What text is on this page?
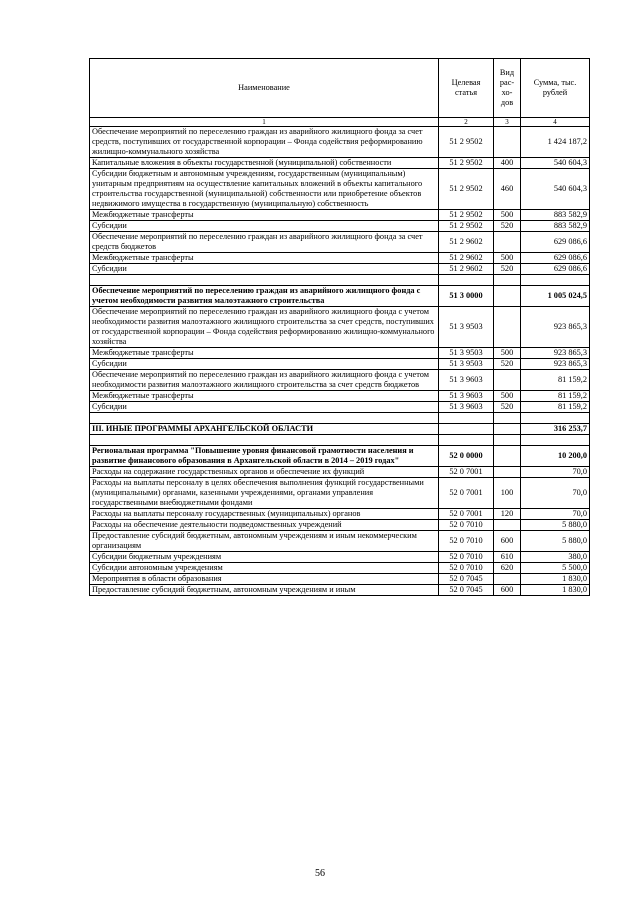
Наименование	Целевая статья	Вид рас-хо-дов	Сумма, тыс. рублей
1	2	3	4
Обеспечение мероприятий по переселению граждан из аварийного жилищного фонда за счет средств, поступивших от государственной корпорации – Фонда содействия реформированию жилищно-коммунального хозяйства	51 2 9502		1 424 187,2
Капитальные вложения в объекты государственной (муниципальной) собственности	51 2 9502	400	540 604,3
Субсидии бюджетным и автономным учреждениям, государственным (муниципальным) унитарным предприятиям на осуществление капитальных вложений в объекты капитального строительства государственной (муниципальной) собственности или приобретение объектов недвижимого имущества в государственную (муниципальную) собственность	51 2 9502	460	540 604,3
Межбюджетные трансферты	51 2 9502	500	883 582,9
Субсидии	51 2 9502	520	883 582,9
Обеспечение мероприятий по переселению граждан из аварийного жилищного фонда за счет средств бюджетов	51 2 9602		629 086,6
Межбюджетные трансферты	51 2 9602	500	629 086,6
Субсидии	51 2 9602	520	629 086,6

Обеспечение мероприятий по переселению граждан из аварийного жилищного фонда с учетом необходимости развития малоэтажного строительства	51 3 0000		1 005 024,5
Обеспечение мероприятий по переселению граждан из аварийного жилищного фонда с учетом необходимости развития малоэтажного жилищного строительства за счет средств, поступивших от государственной корпорации – Фонда содействия реформированию жилищно-коммунального хозяйства	51 3 9503		923 865,3
Межбюджетные трансферты	51 3 9503	500	923 865,3
Субсидии	51 3 9503	520	923 865,3
Обеспечение мероприятий по переселению граждан из аварийного жилищного фонда с учетом необходимости развития малоэтажного жилищного строительства за счет средств бюджетов	51 3 9603		81 159,2
Межбюджетные трансферты	51 3 9603	500	81 159,2
Субсидии	51 3 9603	520	81 159,2

III. ИНЫЕ ПРОГРАММЫ АРХАНГЕЛЬСКОЙ ОБЛАСТИ			316 253,7

Региональная программа "Повышение уровня финансовой грамотности населения и развитие финансового образования в Архангельской области в 2014 – 2019 годах"	52 0 0000		10 200,0
Расходы на содержание государственных органов и обеспечение их функций	52 0 7001		70,0
Расходы на выплаты персоналу в целях обеспечения выполнения функций государственными (муниципальными) органами, казенными учреждениями, органами управления государственными внебюджетными фондами	52 0 7001	100	70,0
Расходы на выплаты персоналу государственных (муниципальных) органов	52 0 7001	120	70,0
Расходы на обеспечение деятельности подведомственных учреждений	52 0 7010		5 880,0
Предоставление субсидий бюджетным, автономным учреждениям и иным некоммерческим организациям	52 0 7010	600	5 880,0
Субсидии бюджетным учреждениям	52 0 7010	610	380,0
Субсидии автономным учреждениям	52 0 7010	620	5 500,0
Мероприятия в области образования	52 0 7045		1 830,0
Предоставление субсидий бюджетным, автономным учреждениям и иным	52 0 7045	600	1 830,0
56
